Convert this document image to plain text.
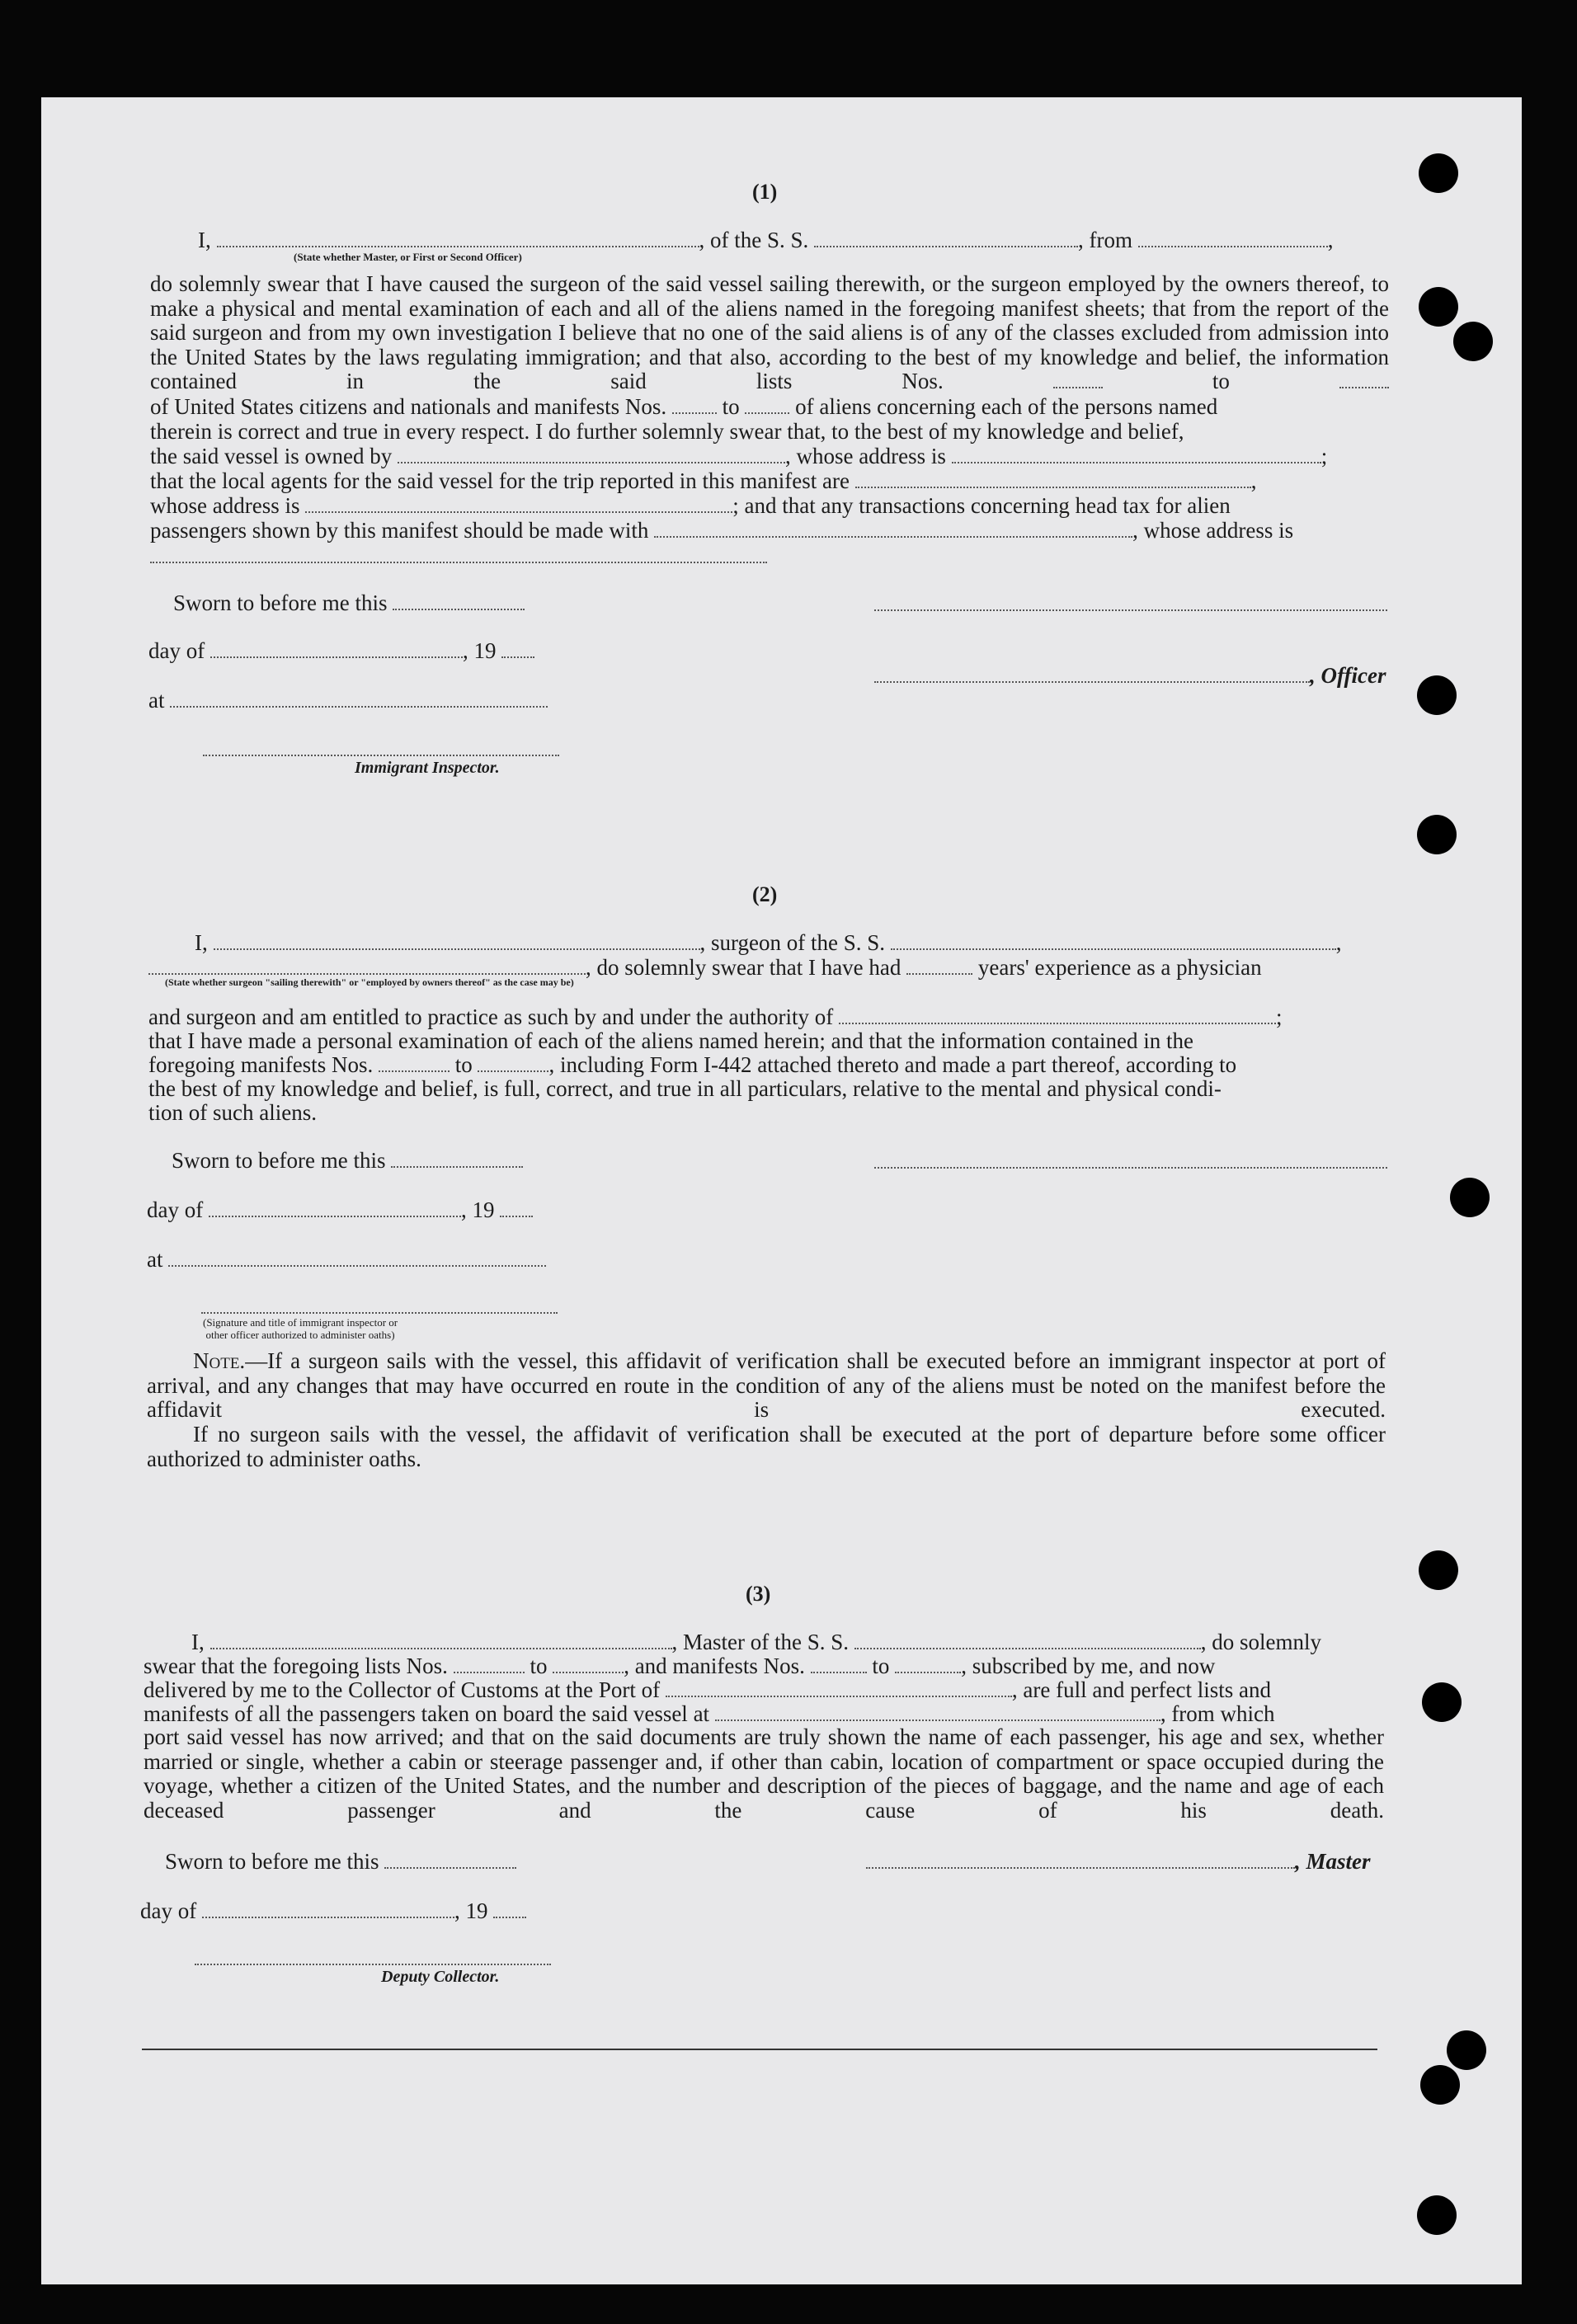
(1)
I,	, of the S. S.	, from	,
(State whether Master, or First or Second Officer)
do solemnly swear that I have caused the surgeon of the said vessel sailing therewith, or the surgeon employed by the owners thereof, to make a physical and mental examination of each and all of the aliens named in the foregoing manifest sheets; that from the report of the said surgeon and from my own investigation I believe that no one of the said aliens is of any of the classes excluded from admission into the United States by the laws regulating immigration; and that also, according to the best of my knowledge and belief, the information contained in the said lists Nos.	to
of United States citizens and nationals and manifests Nos.	to	of aliens concerning each of the persons named
therein is correct and true in every respect. I do further solemnly swear that, to the best of my knowledge and belief,
the said vessel is owned by	, whose address is	;
that the local agents for the said vessel for the trip reported in this manifest are	,
whose address is	; and that any transactions concerning head tax for alien
passengers shown by this manifest should be made with	, whose address is
Sworn to before me this
day of	, 19
, Officer
at
Immigrant Inspector.
(2)
I,	, surgeon of the S. S.	,
, do solemnly swear that I have had	years' experience as a physician
(State whether surgeon "sailing therewith" or "employed by owners thereof" as the case may be)
and surgeon and am entitled to practice as such by and under the authority of	;
that I have made a personal examination of each of the aliens named herein; and that the information contained in the
foregoing manifests Nos.	to	, including Form I-442 attached thereto and made a part thereof, according to
the best of my knowledge and belief, is full, correct, and true in all particulars, relative to the mental and physical condi-
tion of such aliens.
Sworn to before me this
day of	, 19
at
(Signature and title of immigrant inspector or
other officer authorized to administer oaths)
Note.—If a surgeon sails with the vessel, this affidavit of verification shall be executed before an immigrant inspector at port of arrival, and any changes that may have occurred en route in the condition of any of the aliens must be noted on the manifest before the affidavit is executed.
If no surgeon sails with the vessel, the affidavit of verification shall be executed at the port of departure before some officer authorized to administer oaths.
(3)
I,	, Master of the S. S.	, do solemnly
swear that the foregoing lists Nos.	to	, and manifests Nos.	to	, subscribed by me, and now
delivered by me to the Collector of Customs at the Port of	, are full and perfect lists and
manifests of all the passengers taken on board the said vessel at	, from which
port said vessel has now arrived; and that on the said documents are truly shown the name of each passenger, his age and sex, whether married or single, whether a cabin or steerage passenger and, if other than cabin, location of compartment or space occupied during the voyage, whether a citizen of the United States, and the number and description of the pieces of baggage, and the name and age of each deceased passenger and the cause of his death.
Sworn to before me this	, Master
day of	, 19
Deputy Collector.
